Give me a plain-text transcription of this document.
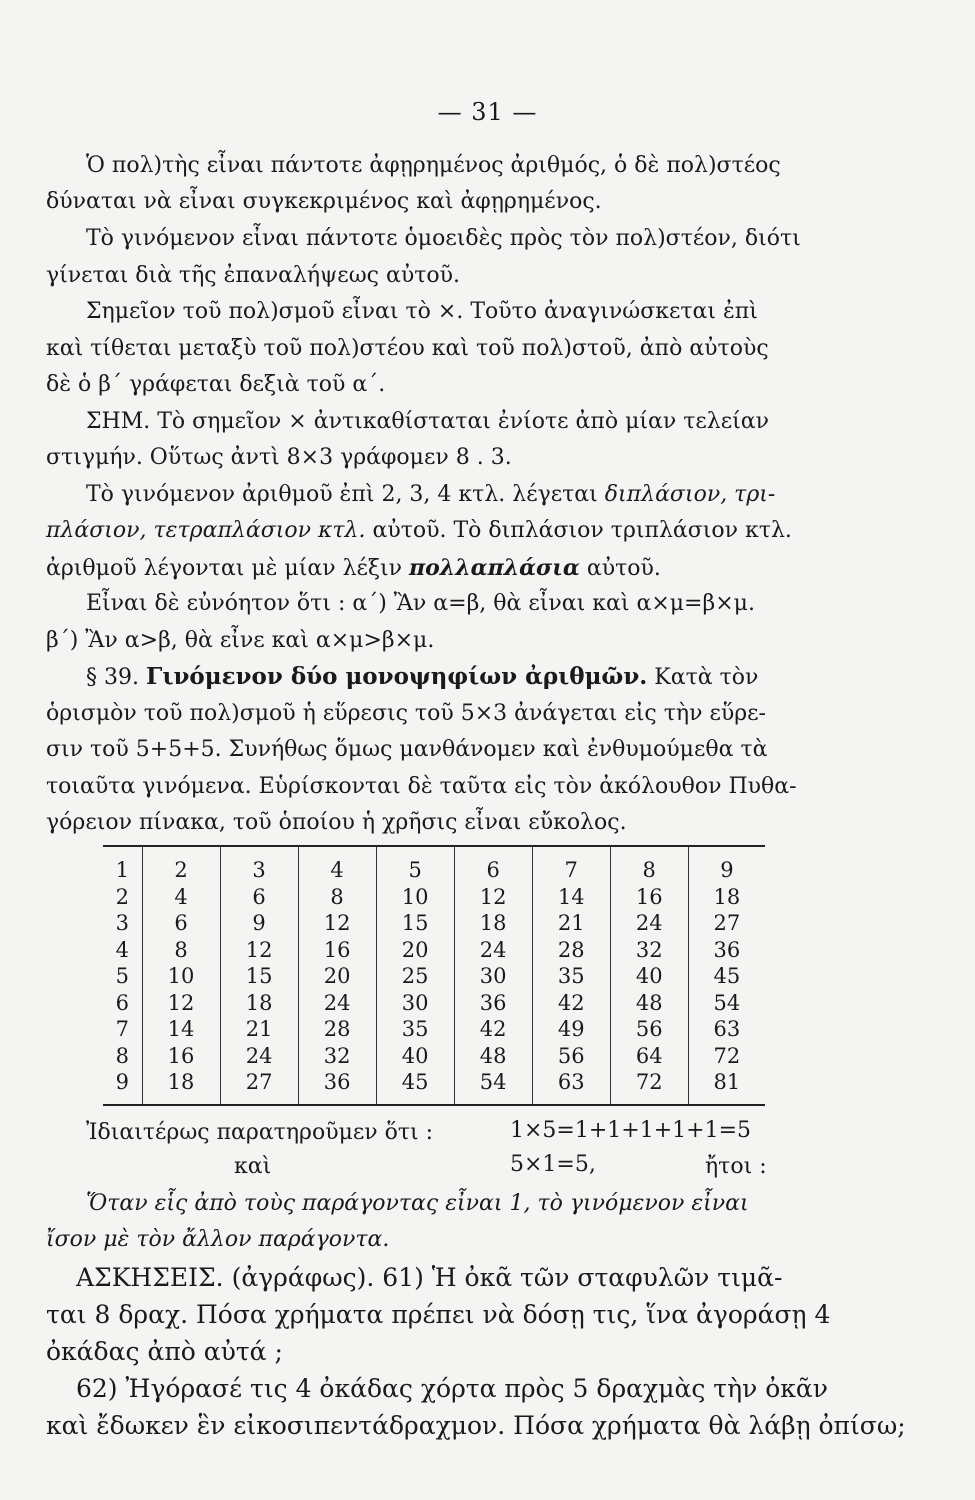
— 31 —
Ὁ πολ)τὴς εἶναι πάντοτε ἀφῃρημένος ἀριθμός, ὁ δὲ πολ)στέος
δύναται νὰ εἶναι συγκεκριμένος καὶ ἀφῃρημένος.
Τὸ γινόμενον εἶναι πάντοτε ὁμοειδὲς πρὸς τὸν πολ)στέον, διότι
γίνεται διὰ τῆς ἐπαναλήψεως αὐτοῦ.
Σημεῖον τοῦ πολ)σμοῦ εἶναι τὸ ×. Τοῦτο ἀναγινώσκεται ἐπὶ
καὶ τίθεται μεταξὺ τοῦ πολ)στέου καὶ τοῦ πολ)στοῦ, ἀπὸ αὐτοὺς
δὲ ὁ β΄ γράφεται δεξιὰ τοῦ α΄.
ΣΗΜ. Τὸ σημεῖον × ἀντικαθίσταται ἐνίοτε ἀπὸ μίαν τελείαν
στιγμήν. Οὕτως ἀντὶ 8×3 γράφομεν 8 . 3.
Τὸ γινόμενον ἀριθμοῦ ἐπὶ 2, 3, 4 κτλ. λέγεται διπλάσιον, τρι-
πλάσιον, τετραπλάσιον κτλ. αὐτοῦ. Τὸ διπλάσιον τριπλάσιον κτλ.
ἀριθμοῦ λέγονται μὲ μίαν λέξιν πολλαπλάσια αὐτοῦ.
Εἶναι δὲ εὐνόητον ὅτι : α΄) Ἂν α=β, θὰ εἶναι καὶ α×μ=β×μ.
β΄) Ἂν α>β, θὰ εἶνε καὶ α×μ>β×μ.
§ 39. Γινόμενον δύο μονοψηφίων ἀριθμῶν. Κατὰ τὸν
ὁρισμὸν τοῦ πολ)σμοῦ ἡ εὕρεσις τοῦ 5×3 ἀνάγεται εἰς τὴν εὕρε-
σιν τοῦ 5+5+5. Συνήθως ὅμως μανθάνομεν καὶ ἐνθυμούμεθα τὰ
τοιαῦτα γινόμενα. Εὑρίσκονται δὲ ταῦτα εἰς τὸν ἀκόλουθον Πυθα-
γόρειον πίνακα, τοῦ ὁποίου ἡ χρῆσις εἶναι εὔκολος.
1	2	3	4	5	6	7	8	9
2	4	6	8	10	12	14	16	18
3	6	9	12	15	18	21	24	27
4	8	12	16	20	24	28	32	36
5	10	15	20	25	30	35	40	45
6	12	18	24	30	36	42	48	54
7	14	21	28	35	42	49	56	63
8	16	24	32	40	48	56	64	72
9	18	27	36	45	54	63	72	81
Ἰδιαιτέρως παρατηροῦμεν ὅτι :	1×5=1+1+1+1+1=5
καὶ	5×1=5,	ἤτοι :
Ὅταν εἷς ἀπὸ τοὺς παράγοντας εἶναι 1, τὸ γινόμενον εἶναι
ἴσον μὲ τὸν ἄλλον παράγοντα.
ΑΣΚΗΣΕΙΣ. (ἀγράφως). 61) Ἡ ὀκᾶ τῶν σταφυλῶν τιμᾶ-
ται 8 δραχ. Πόσα χρήματα πρέπει νὰ δόσῃ τις, ἵνα ἀγοράσῃ 4
ὀκάδας ἀπὸ αὐτά ;
62) Ἠγόρασέ τις 4 ὀκάδας χόρτα πρὸς 5 δραχμὰς τὴν ὀκᾶν
καὶ ἔδωκεν ἓν εἰκοσιπεντάδραχμον. Πόσα χρήματα θὰ λάβῃ ὀπίσω;
